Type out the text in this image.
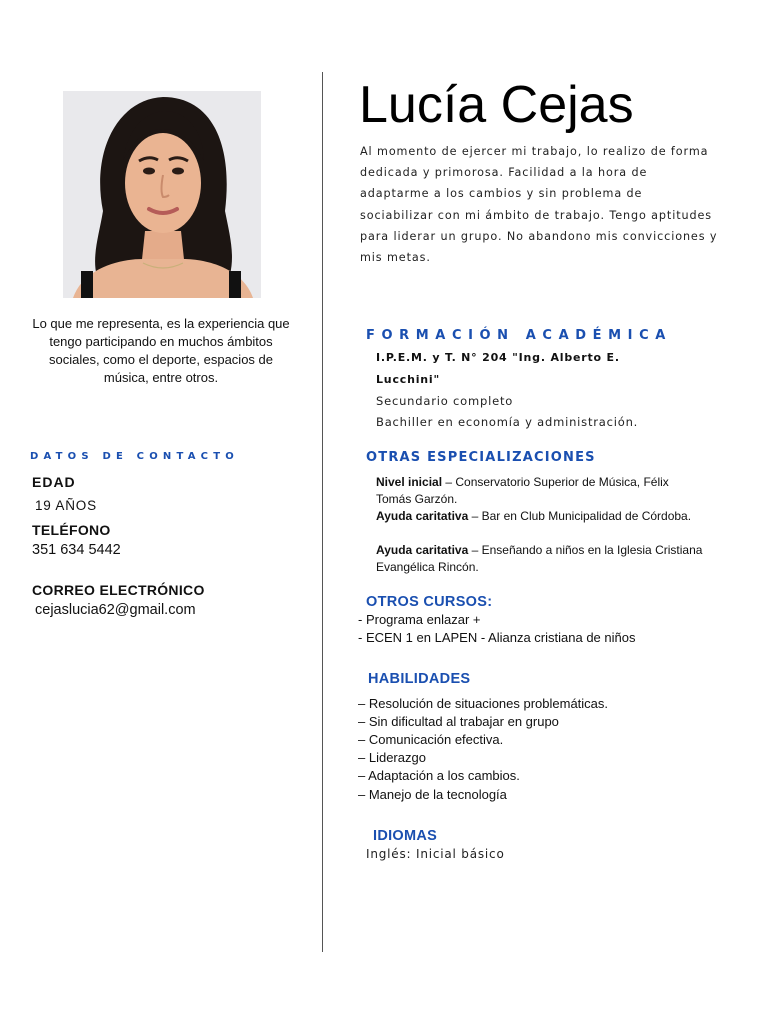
Lo que me representa, es la experiencia que tengo participando en muchos ámbitos sociales, como el deporte, espacios de música, entre otros.
DATOS DE CONTACTO
EDAD
19 AÑOS
TELÉFONO
351 634 5442
CORREO ELECTRÓNICO
cejaslucia62@gmail.com
Lucía Cejas
Al momento de ejercer mi trabajo, lo realizo de forma dedicada y primorosa. Facilidad a la hora de adaptarme a los cambios y sin problema de sociabilizar con mi ámbito de trabajo. Tengo aptitudes para liderar un grupo. No abandono mis convicciones y mis metas.
FORMACIÓN ACADÉMICA
I.P.E.M. y T. N° 204 "Ing. Alberto E. Lucchini"
Secundario completo
Bachiller en economía y administración.
OTRAS ESPECIALIZACIONES
Nivel inicial – Conservatorio Superior de Música, Félix Tomás Garzón.
Ayuda caritativa – Bar en Club Municipalidad de Córdoba.
Ayuda caritativa – Enseñando a niños en la Iglesia Cristiana Evangélica Rincón.
OTROS CURSOS:
- Programa enlazar +
- ECEN 1 en LAPEN - Alianza cristiana de niños
HABILIDADES
– Resolución de situaciones problemáticas.
– Sin dificultad al trabajar en grupo
– Comunicación efectiva.
– Liderazgo
– Adaptación a los cambios.
– Manejo de la tecnología
IDIOMAS
Inglés: Inicial básico
